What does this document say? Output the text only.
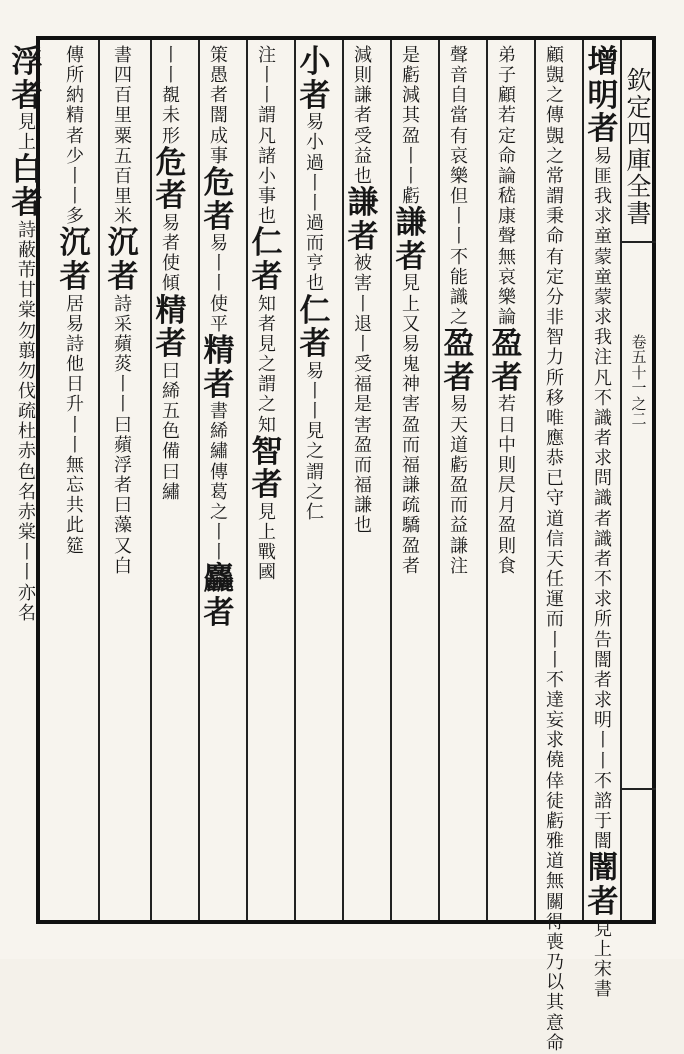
欽
定
四
庫
全
書
卷
五
十
一
之
二
增
明
者
易
匪
我
求
童
蒙
童
蒙
求
我
注
凡
不
識
者
求
問
識
者
識
者
不
求
所
告
闇
者
求
明
丨
丨
不
諮
于
闇
闇
者
見
上
宋
書
顧
覬
之
傳
覬
之
常
謂
秉
命
有
定
分
非
智
力
所
移
唯
應
恭
已
守
道
信
天
任
運
而
丨
丨
不
達
妄
求
僥
倖
徒
虧
雅
道
無
關
得
喪
乃
以
其
意
命
弟
子
顧
若
定
命
論
嵇
康
聲
無
哀
樂
論
盈
者
若
日
中
則
昃
月
盈
則
食
聲
音
自
當
有
哀
樂
但
丨
丨
不
能
識
之
盈
者
易
天
道
虧
盈
而
益
謙
注
是
虧
減
其
盈
丨
丨
虧
謙
者
見
上
又
易
鬼
神
害
盈
而
福
謙
疏
驕
盈
者
減
則
謙
者
受
益
也
謙
者
被
害
丨
退
丨
受
福
是
害
盈
而
福
謙
也
小
者
易
小
過
丨
丨
過
而
亨
也
仁
者
易
丨
丨
見
之
謂
之
仁
注
丨
丨
謂
凡
諸
小
事
也
仁
者
知
者
見
之
謂
之
知
智
者
見
上
戰
國
策
愚
者
闇
成
事
危
者
易
丨
丨
使
平
精
者
書
絺
繡
傳
葛
之
丨
丨
麤
者
丨
丨
覩
未
形
危
者
易
者
使
傾
精
者
曰
絺
五
色
備
曰
繡
書
四
百
里
粟
五
百
里
米
沉
者
詩
采
蘋
菼
丨
丨
曰
蘋
浮
者
曰
藻
又
白
傳
所
納
精
者
少
丨
丨
多
沉
者
居
易
詩
他
日
升
丨
丨
無
忘
共
此
筵
浮
者
見
上
白
者
詩
蔽
芾
甘
棠
勿
翦
勿
伐
疏
杜
赤
色
名
赤
棠
丨
丨
亦
名
